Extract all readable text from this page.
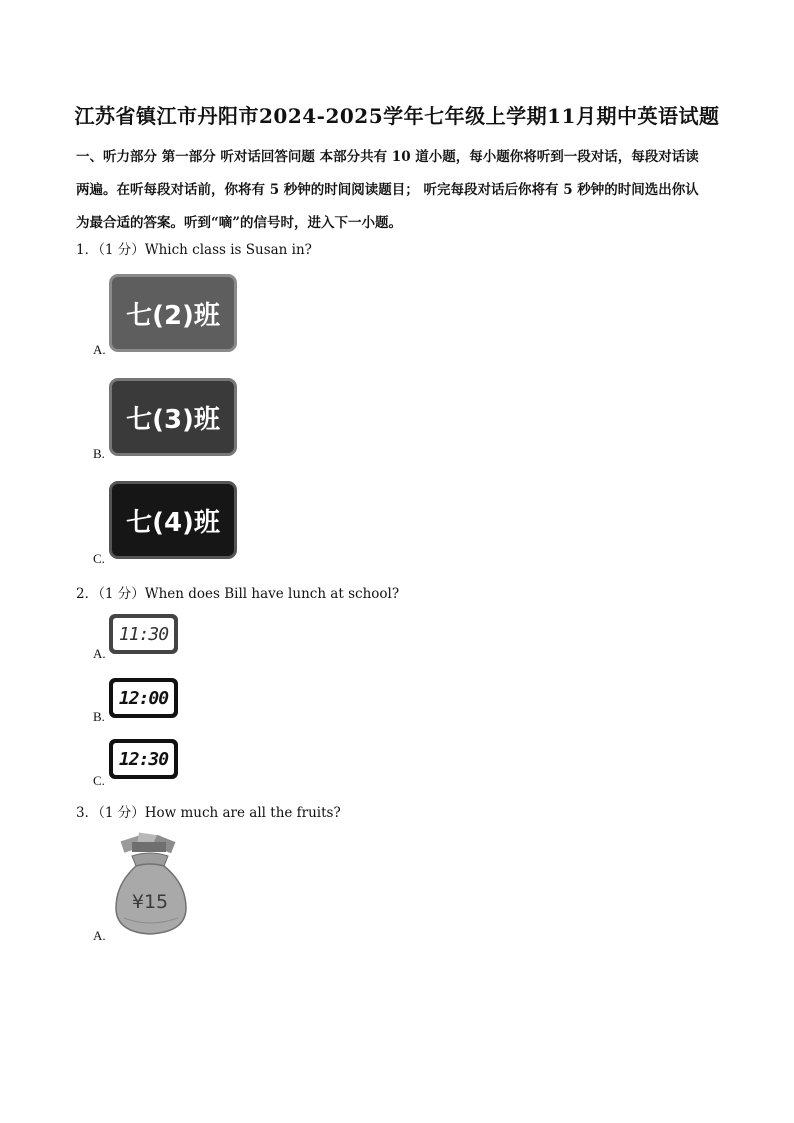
江苏省镇江市丹阳市2024-2025学年七年级上学期11月期中英语试题
一、听力部分 第一部分 听对话回答问题 本部分共有 10 道小题，每小题你将听到一段对话，每段对话读
两遍。在听每段对话前，你将有 5 秒钟的时间阅读题目； 听完每段对话后你将有 5 秒钟的时间选出你认
为最合适的答案。听到“嘀”的信号时，进入下一小题。
1．（1 分）Which class is Susan in?
七(2)班
A.
七(3)班
B.
七(4)班
C.
2．（1 分）When does Bill have lunch at school?
11:30
A.
12:00
B.
12:30
C.
3．（1 分）How much are all the fruits?
¥15
A.
